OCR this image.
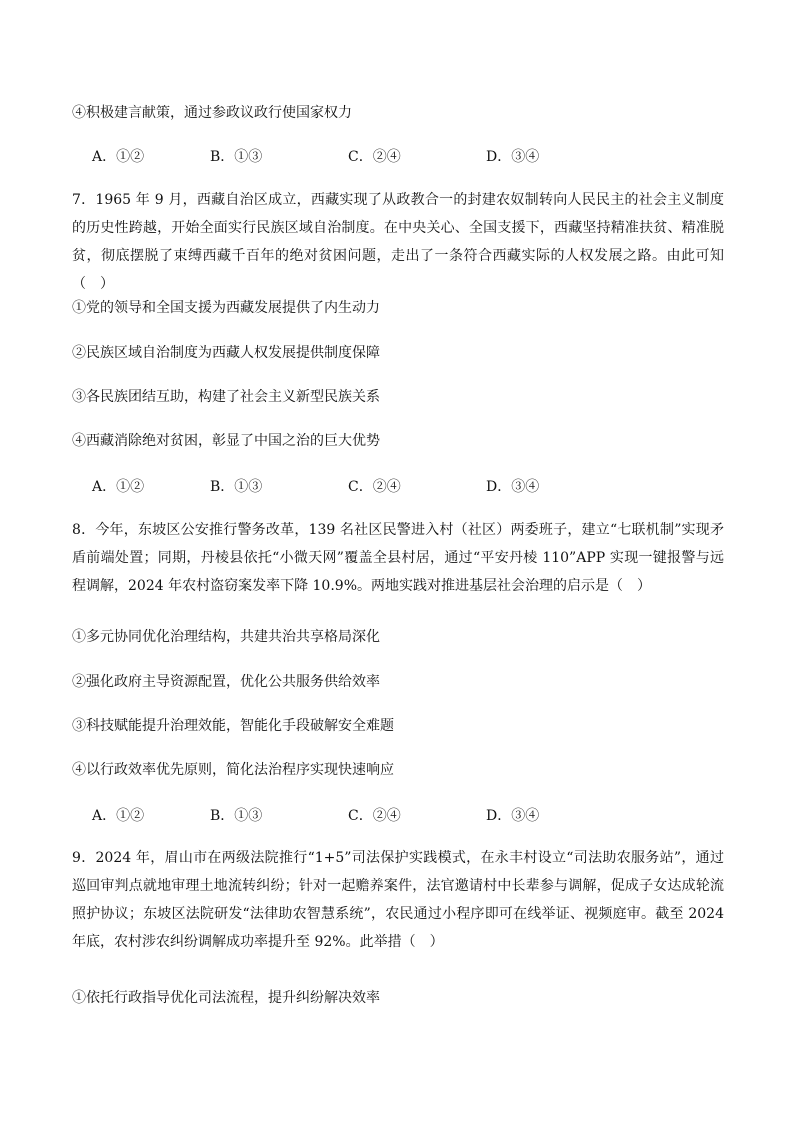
④积极建言献策，通过参政议政行使国家权力
A．①②	B．①③	C．②④	D．③④
7．1965 年 9 月，西藏自治区成立，西藏实现了从政教合一的封建农奴制转向人民民主的社会主义制度的历史性跨越，开始全面实行民族区域自治制度。在中央关心、全国支援下，西藏坚持精准扶贫、精准脱贫，彻底摆脱了束缚西藏千百年的绝对贫困问题，走出了一条符合西藏实际的人权发展之路。由此可知（　）
①党的领导和全国支援为西藏发展提供了内生动力
②民族区域自治制度为西藏人权发展提供制度保障
③各民族团结互助，构建了社会主义新型民族关系
④西藏消除绝对贫困，彰显了中国之治的巨大优势
A．①②	B．①③	C．②④	D．③④
8．今年，东坡区公安推行警务改革，139 名社区民警进入村（社区）两委班子，建立“七联机制”实现矛盾前端处置；同期，丹棱县依托“小微天网”覆盖全县村居，通过“平安丹棱 110”APP 实现一键报警与远程调解，2024 年农村盗窃案发率下降 10.9%。两地实践对推进基层社会治理的启示是（　）
①多元协同优化治理结构，共建共治共享格局深化
②强化政府主导资源配置，优化公共服务供给效率
③科技赋能提升治理效能，智能化手段破解安全难题
④以行政效率优先原则，简化法治程序实现快速响应
A．①②	B．①③	C．②④	D．③④
9．2024 年，眉山市在两级法院推行“1+5”司法保护实践模式，在永丰村设立“司法助农服务站”，通过巡回审判点就地审理土地流转纠纷；针对一起赡养案件，法官邀请村中长辈参与调解，促成子女达成轮流照护协议；东坡区法院研发“法律助农智慧系统”，农民通过小程序即可在线举证、视频庭审。截至 2024 年底，农村涉农纠纷调解成功率提升至 92%。此举措（　）
①依托行政指导优化司法流程，提升纠纷解决效率
